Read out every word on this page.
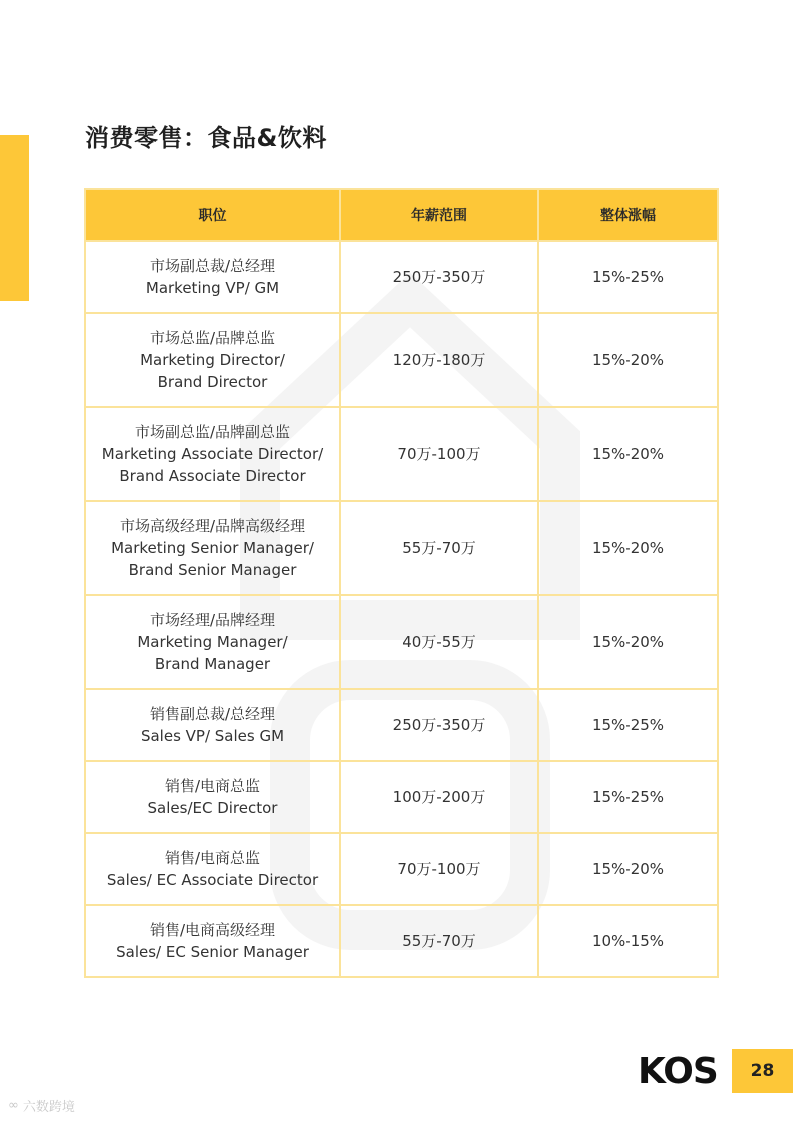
消费零售：食品&饮料
职位	年薪范围	整体涨幅

市场副总裁/总经理
Marketing VP/ GM	250万-350万	15%-25%

市场总监/品牌总监
Marketing Director/
Brand Director	120万-180万	15%-20%

市场副总监/品牌副总监
Marketing Associate Director/
Brand Associate Director	70万-100万	15%-20%

市场高级经理/品牌高级经理
Marketing Senior Manager/
Brand Senior Manager	55万-70万	15%-20%

市场经理/品牌经理
Marketing Manager/
Brand Manager	40万-55万	15%-20%

销售副总裁/总经理
Sales VP/ Sales GM	250万-350万	15%-25%

销售/电商总监
Sales/EC Director	100万-200万	15%-25%

销售/电商总监
Sales/ EC Associate Director	70万-100万	15%-20%

销售/电商高级经理
Sales/ EC Senior Manager	55万-70万	10%-15%
KOS 28
∞ 六数跨境
